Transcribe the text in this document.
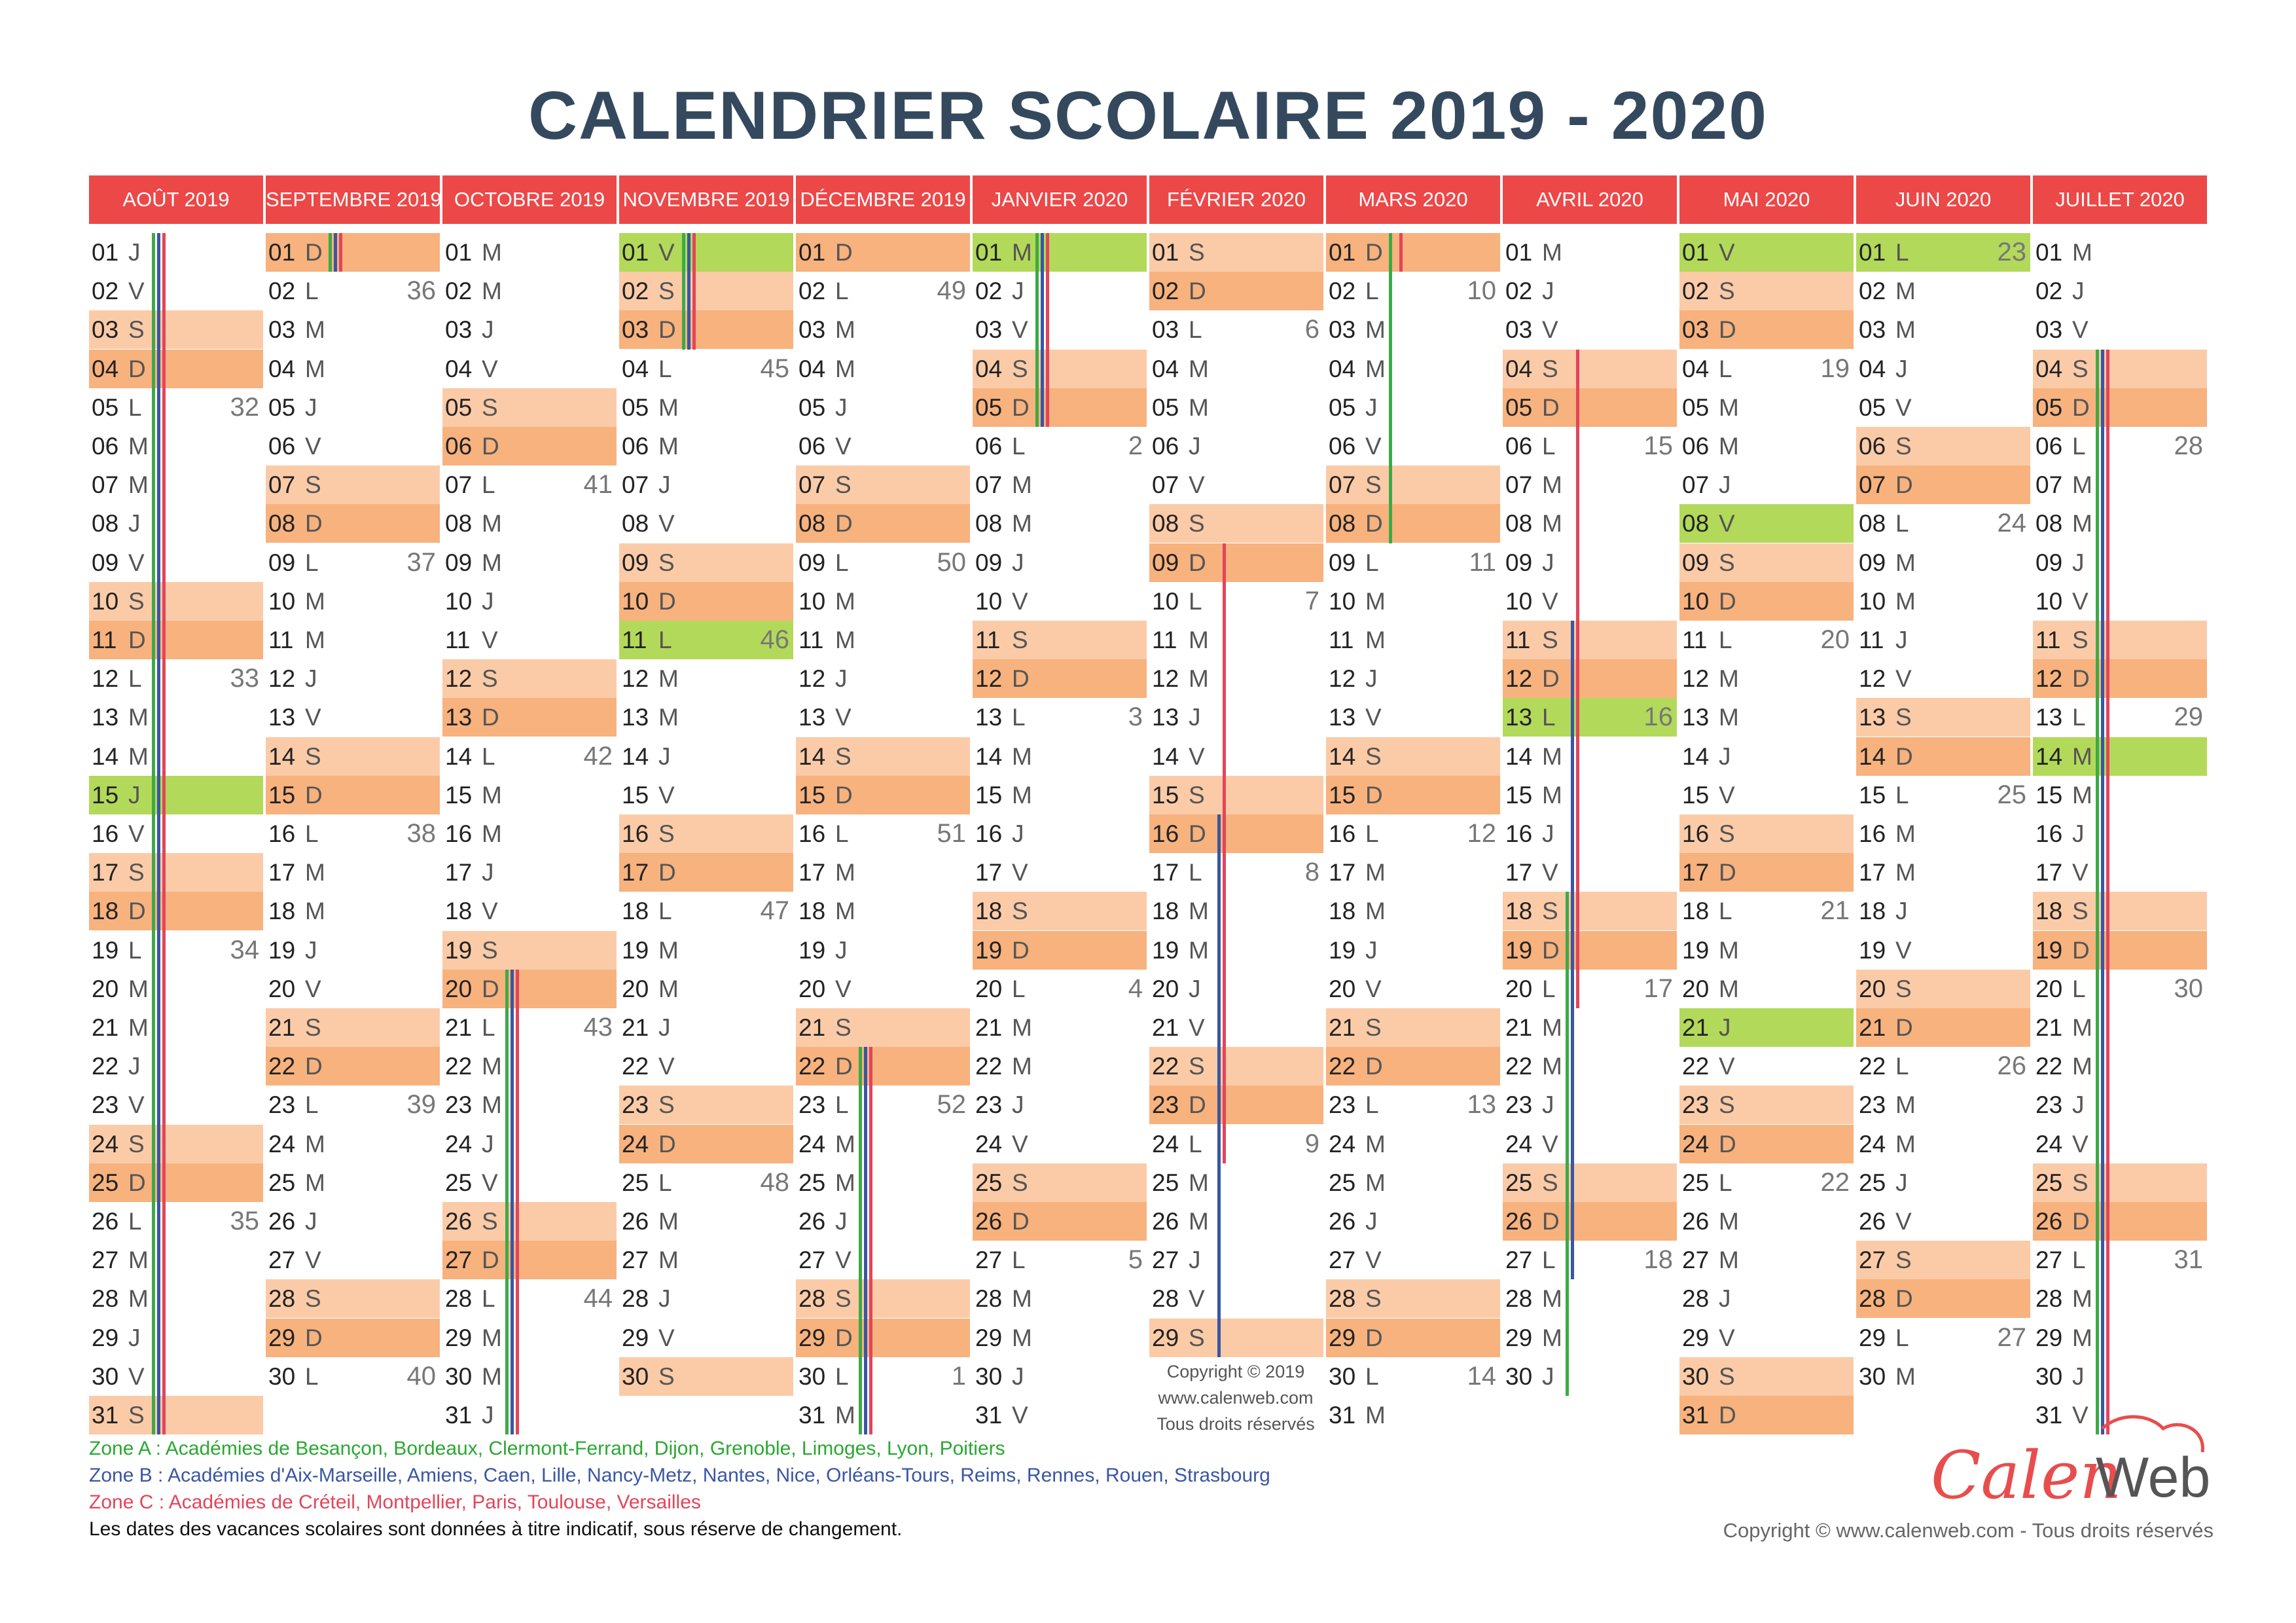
CALENDRIER SCOLAIRE 2019 - 2020
AOÛT 2019
01 J
02 V
03 S
04 D
05 L	32
06 M
07 M
08 J
09 V
10 S
11 D
12 L	33
13 M
14 M
15 J
16 V
17 S
18 D
19 L	34
20 M
21 M
22 J
23 V
24 S
25 D
26 L	35
27 M
28 M
29 J
30 V
31 S
SEPTEMBRE 2019
01 D
02 L	36
03 M
04 M
05 J
06 V
07 S
08 D
09 L	37
10 M
11 M
12 J
13 V
14 S
15 D
16 L	38
17 M
18 M
19 J
20 V
21 S
22 D
23 L	39
24 M
25 M
26 J
27 V
28 S
29 D
30 L	40
OCTOBRE 2019
01 M
02 M
03 J
04 V
05 S
06 D
07 L	41
08 M
09 M
10 J
11 V
12 S
13 D
14 L	42
15 M
16 M
17 J
18 V
19 S
20 D
21 L	43
22 M
23 M
24 J
25 V
26 S
27 D
28 L	44
29 M
30 M
31 J
NOVEMBRE 2019
01 V
02 S
03 D
04 L	45
05 M
06 M
07 J
08 V
09 S
10 D
11 L	46
12 M
13 M
14 J
15 V
16 S
17 D
18 L	47
19 M
20 M
21 J
22 V
23 S
24 D
25 L	48
26 M
27 M
28 J
29 V
30 S
DÉCEMBRE 2019
01 D
02 L	49
03 M
04 M
05 J
06 V
07 S
08 D
09 L	50
10 M
11 M
12 J
13 V
14 S
15 D
16 L	51
17 M
18 M
19 J
20 V
21 S
22 D
23 L	52
24 M
25 M
26 J
27 V
28 S
29 D
30 L	1
31 M
JANVIER 2020
01 M
02 J
03 V
04 S
05 D
06 L	2
07 M
08 M
09 J
10 V
11 S
12 D
13 L	3
14 M
15 M
16 J
17 V
18 S
19 D
20 L	4
21 M
22 M
23 J
24 V
25 S
26 D
27 L	5
28 M
29 M
30 J
31 V
FÉVRIER 2020
01 S
02 D
03 L	6
04 M
05 M
06 J
07 V
08 S
09 D
10 L	7
11 M
12 M
13 J
14 V
15 S
16 D
17 L	8
18 M
19 M
20 J
21 V
22 S
23 D
24 L	9
25 M
26 M
27 J
28 V
29 S
MARS 2020
01 D
02 L	10
03 M
04 M
05 J
06 V
07 S
08 D
09 L	11
10 M
11 M
12 J
13 V
14 S
15 D
16 L	12
17 M
18 M
19 J
20 V
21 S
22 D
23 L	13
24 M
25 M
26 J
27 V
28 S
29 D
30 L	14
31 M
AVRIL 2020
01 M
02 J
03 V
04 S
05 D
06 L	15
07 M
08 M
09 J
10 V
11 S
12 D
13 L	16
14 M
15 M
16 J
17 V
18 S
19 D
20 L	17
21 M
22 M
23 J
24 V
25 S
26 D
27 L	18
28 M
29 M
30 J
MAI 2020
01 V
02 S
03 D
04 L	19
05 M
06 M
07 J
08 V
09 S
10 D
11 L	20
12 M
13 M
14 J
15 V
16 S
17 D
18 L	21
19 M
20 M
21 J
22 V
23 S
24 D
25 L	22
26 M
27 M
28 J
29 V
30 S
31 D
JUIN 2020
01 L	23
02 M
03 M
04 J
05 V
06 S
07 D
08 L	24
09 M
10 M
11 J
12 V
13 S
14 D
15 L	25
16 M
17 M
18 J
19 V
20 S
21 D
22 L	26
23 M
24 M
25 J
26 V
27 S
28 D
29 L	27
30 M
JUILLET 2020
01 M
02 J
03 V
04 S
05 D
06 L	28
07 M
08 M
09 J
10 V
11 S
12 D
13 L	29
14 M
15 M
16 J
17 V
18 S
19 D
20 L	30
21 M
22 M
23 J
24 V
25 S
26 D
27 L	31
28 M
29 M
30 J
31 V
Copyright © 2019
www.calenweb.com
Tous droits réservés
Zone A : Académies de Besançon, Bordeaux, Clermont-Ferrand, Dijon, Grenoble, Limoges, Lyon, Poitiers
Zone B : Académies d'Aix-Marseille, Amiens, Caen, Lille, Nancy-Metz, Nantes, Nice, Orléans-Tours, Reims, Rennes, Rouen, Strasbourg
Zone C : Académies de Créteil, Montpellier, Paris, Toulouse, Versailles
Les dates des vacances scolaires sont données à titre indicatif, sous réserve de changement.
Calen
Web
Copyright © www.calenweb.com - Tous droits réservés
